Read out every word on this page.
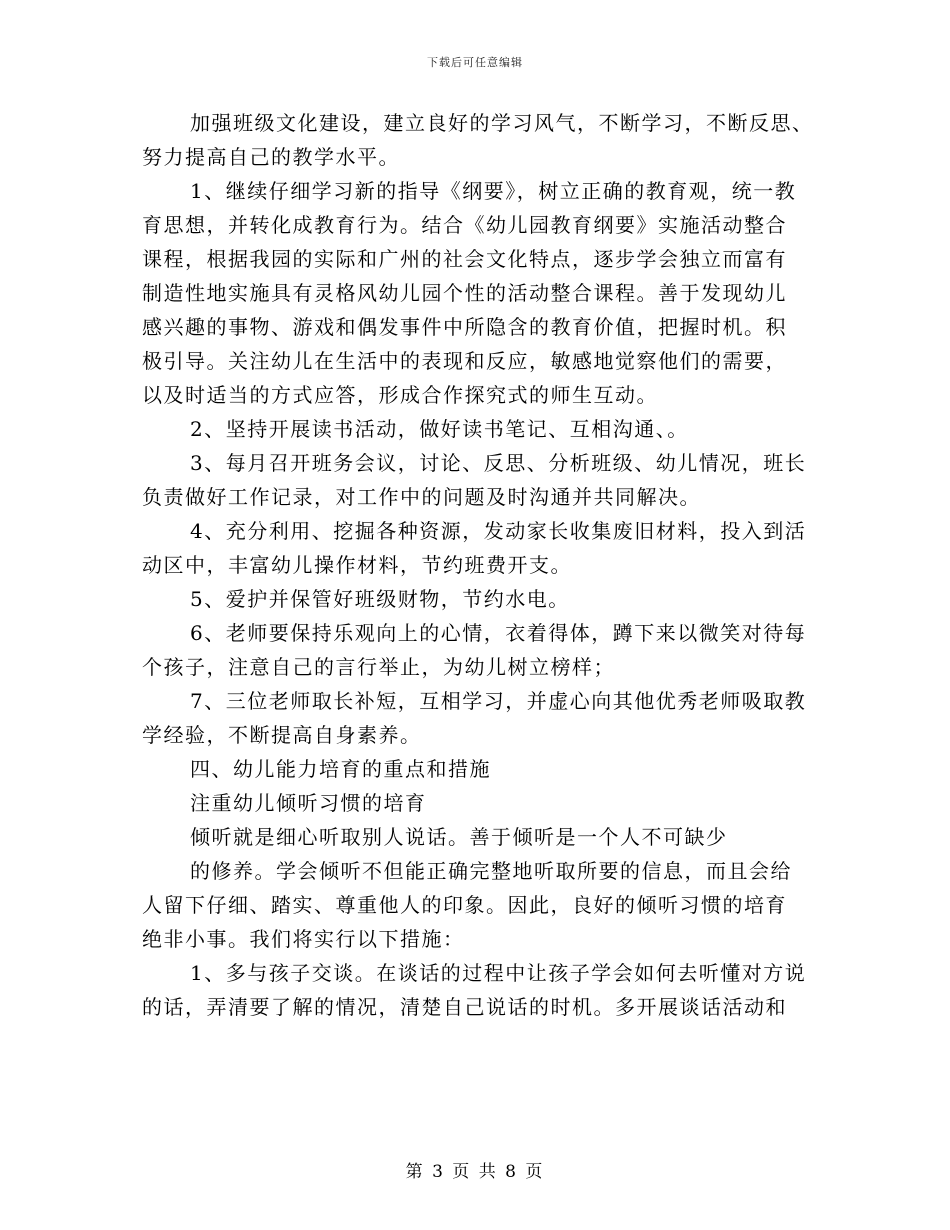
下载后可任意编辑

加强班级文化建设，建立良好的学习风气，不断学习，不断反思、

努力提高自己的教学水平。

1、继续仔细学习新的指导《纲要》，树立正确的教育观，统一教

育思想，并转化成教育行为。结合《幼儿园教育纲要》实施活动整合

课程，根据我园的实际和广州的社会文化特点，逐步学会独立而富有

制造性地实施具有灵格风幼儿园个性的活动整合课程。善于发现幼儿

感兴趣的事物、游戏和偶发事件中所隐含的教育价值，把握时机。积

极引导。关注幼儿在生活中的表现和反应，敏感地觉察他们的需要，

以及时适当的方式应答，形成合作探究式的师生互动。

2、坚持开展读书活动，做好读书笔记、互相沟通、。

3、每月召开班务会议，讨论、反思、分析班级、幼儿情况，班长

负责做好工作记录，对工作中的问题及时沟通并共同解决。

4、充分利用、挖掘各种资源，发动家长收集废旧材料，投入到活

动区中，丰富幼儿操作材料，节约班费开支。

5、爱护并保管好班级财物，节约水电。

6、老师要保持乐观向上的心情，衣着得体，蹲下来以微笑对待每

个孩子，注意自己的言行举止，为幼儿树立榜样；

7、三位老师取长补短，互相学习，并虚心向其他优秀老师吸取教

学经验，不断提高自身素养。

四、幼儿能力培育的重点和措施

注重幼儿倾听习惯的培育

倾听就是细心听取别人说话。善于倾听是一个人不可缺少

的修养。学会倾听不但能正确完整地听取所要的信息，而且会给

人留下仔细、踏实、尊重他人的印象。因此，良好的倾听习惯的培育

绝非小事。我们将实行以下措施：

1、多与孩子交谈。在谈话的过程中让孩子学会如何去听懂对方说

的话，弄清要了解的情况，清楚自己说话的时机。多开展谈话活动和

第 3 页 共 8 页
